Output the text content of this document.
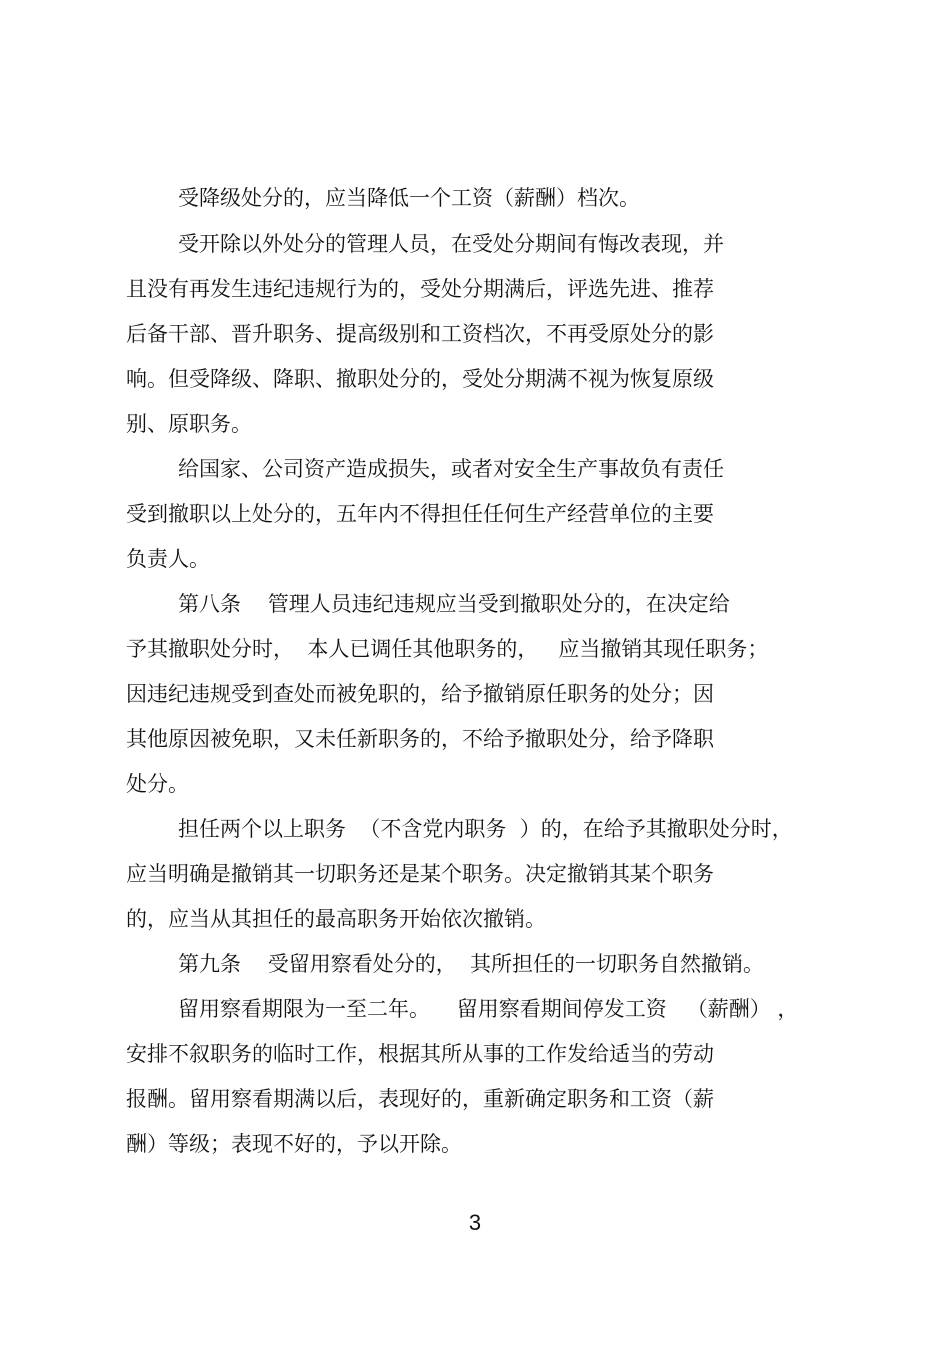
受降级处分的，应当降低一个工资（薪酬）档次。
受开除以外处分的管理人员，在受处分期间有悔改表现，并
且没有再发生违纪违规行为的，受处分期满后，评选先进、推荐
后备干部、晋升职务、提高级别和工资档次，不再受原处分的影
响。但受降级、降职、撤职处分的，受处分期满不视为恢复原级
别、原职务。
给国家、公司资产造成损失，或者对安全生产事故负有责任
受到撤职以上处分的，五年内不得担任任何生产经营单位的主要
负责人。
第八条    管理人员违纪违规应当受到撤职处分的，在决定给
予其撤职处分时，  本人已调任其他职务的，   应当撤销其现任职务；
因违纪违规受到查处而被免职的，给予撤销原任职务的处分；因
其他原因被免职，又未任新职务的，不给予撤职处分，给予降职
处分。
担任两个以上职务  （不含党内职务  ）的，在给予其撤职处分时，
应当明确是撤销其一切职务还是某个职务。决定撤销其某个职务
的，应当从其担任的最高职务开始依次撤销。
第九条    受留用察看处分的，  其所担任的一切职务自然撤销。
留用察看期限为一至二年。    留用察看期间停发工资   （薪酬） ，
安排不叙职务的临时工作，根据其所从事的工作发给适当的劳动
报酬。留用察看期满以后，表现好的，重新确定职务和工资（薪
酬）等级；表现不好的，予以开除。
3
